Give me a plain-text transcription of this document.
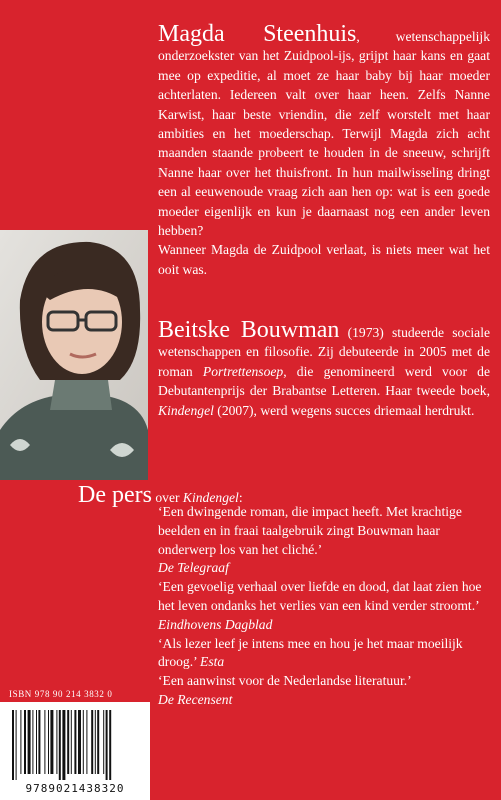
Magda Steenhuis, wetenschappelijk onderzoekster van het Zuidpool-ijs, grijpt haar kans en gaat mee op expeditie, al moet ze haar baby bij haar moeder achterlaten. Iedereen valt over haar heen. Zelfs Nanne Karwist, haar beste vriendin, die zelf worstelt met haar ambities en het moederschap. Terwijl Magda zich acht maanden staande probeert te houden in de sneeuw, schrijft Nanne haar over het thuisfront. In hun mailwisseling dringt een al eeuwenoude vraag zich aan hen op: wat is een goede moeder eigenlijk en kun je daarnaast nog een ander leven hebben?
Wanneer Magda de Zuidpool verlaat, is niets meer wat het ooit was.
Beitske Bouwman (1973) studeerde sociale wetenschappen en filosofie. Zij debuteerde in 2005 met de roman Portrettensoep, die genomineerd werd voor de Debutantenprijs der Brabantse Letteren. Haar tweede boek, Kindengel (2007), werd wegens succes driemaal herdrukt.
De pers over Kindengel:

‘Een dwingende roman, die impact heeft. Met krachtige beelden en in fraai taalgebruik zingt Bouwman haar onderwerp los van het cliché.’
De Telegraaf

‘Een gevoelig verhaal over liefde en dood, dat laat zien hoe het leven ondanks het verlies van een kind verder stroomt.’ Eindhovens Dagblad

‘Als lezer leef je intens mee en hou je het maar moeilijk droog.’ Esta

‘Een aanwinst voor de Nederlandse literatuur.’
De Recensent

ISBN 978 90 214 3832 0
9789021438320
